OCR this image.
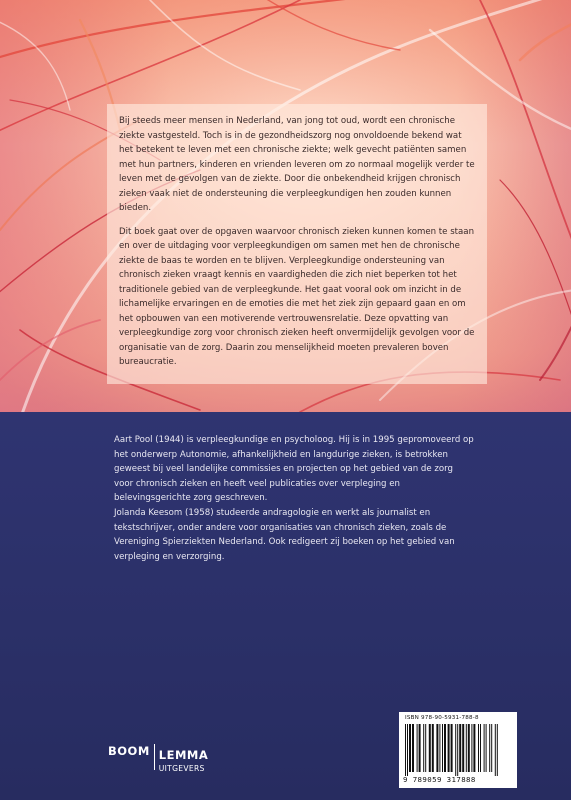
Bij steeds meer mensen in Nederland, van jong tot oud, wordt een chronische ziekte vastgesteld. Toch is in de gezondheidszorg nog onvoldoende bekend wat het betekent te leven met een chronische ziekte; welk gevecht patiënten samen met hun partners, kinderen en vrienden leveren om zo normaal mogelijk verder te leven met de gevolgen van de ziekte. Door die onbekendheid krijgen chronisch zieken vaak niet de ondersteuning die verpleegkundigen hen zouden kunnen bieden.

Dit boek gaat over de opgaven waarvoor chronisch zieken kunnen komen te staan en over de uitdaging voor verpleegkundigen om samen met hen de chronische ziekte de baas te worden en te blijven. Verpleegkundige ondersteuning van chronisch zieken vraagt kennis en vaardigheden die zich niet beperken tot het traditionele gebied van de verpleegkunde. Het gaat vooral ook om inzicht in de lichamelijke ervaringen en de emoties die met het ziek zijn gepaard gaan en om het opbouwen van een motiverende vertrouwensrelatie. Deze opvatting van verpleegkundige zorg voor chronisch zieken heeft onvermijdelijk gevolgen voor de organisatie van de zorg. Daarin zou menselijkheid moeten prevaleren boven bureaucratie.

Aart Pool (1944) is verpleegkundige en psycholoog. Hij is in 1995 gepromoveerd op het onderwerp Autonomie, afhankelijkheid en langdurige zieken, is betrokken geweest bij veel landelijke commissies en projecten op het gebied van de zorg voor chronisch zieken en heeft veel publicaties over verpleging en belevingsgerichte zorg geschreven.

Jolanda Keesom (1958) studeerde andragologie en werkt als journalist en tekstschrijver, onder andere voor organisaties van chronisch zieken, zoals de Vereniging Spierziekten Nederland. Ook redigeert zij boeken op het gebied van verpleging en verzorging.

BOOM LEMMA
UITGEVERS
ISBN 978-90-5931-788-8
9 789059 317888
